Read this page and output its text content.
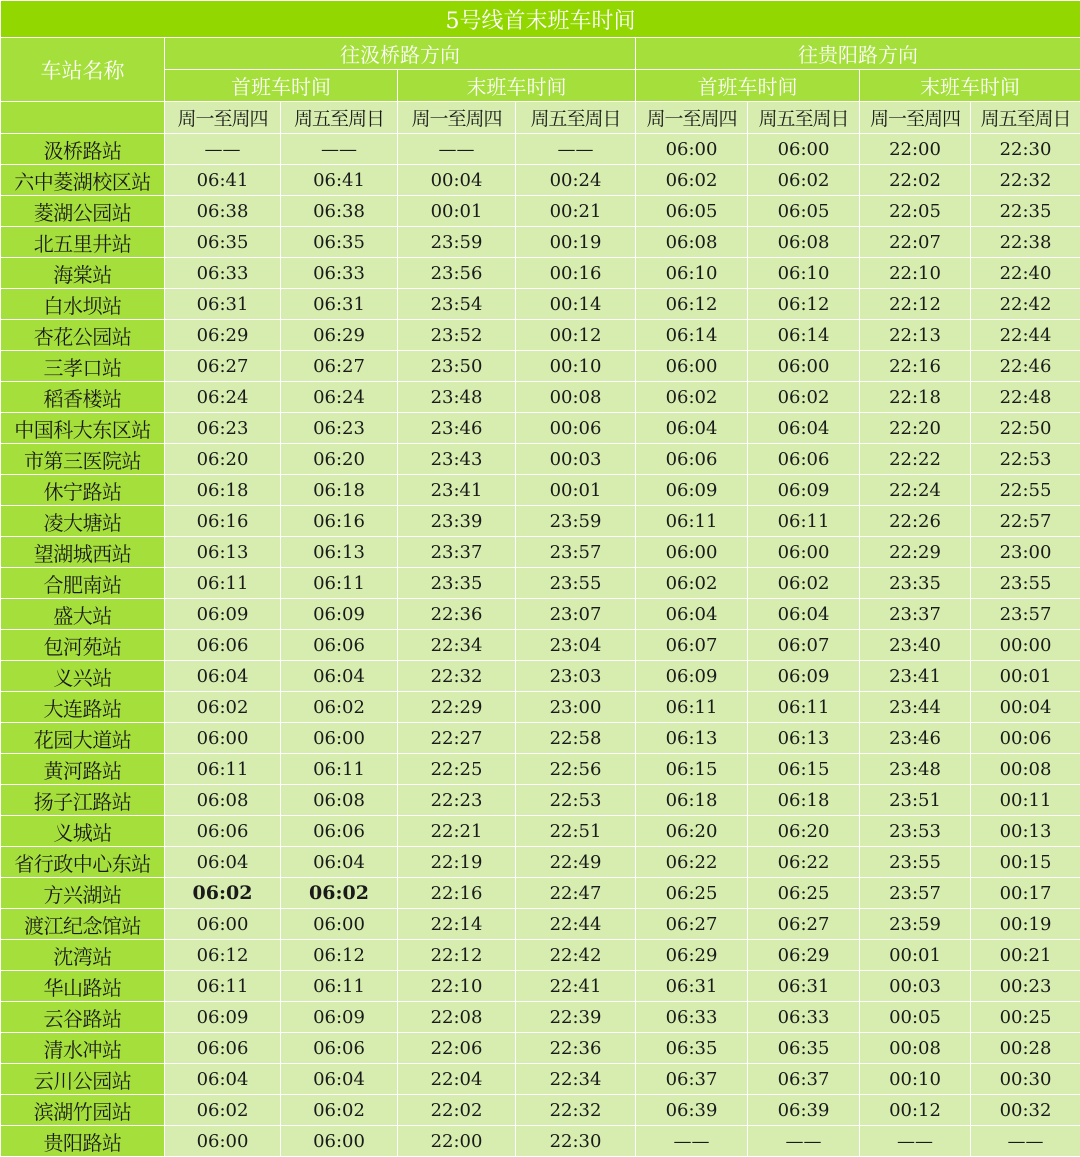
5号线首末班车时间								
车站名称	往汲桥路方向				往贵阳路方向			
	首班车时间		末班车时间		首班车时间		末班车时间	
	周一至周四	周五至周日	周一至周四	周五至周日	周一至周四	周五至周日	周一至周四	周五至周日
汲桥路站	——	——	——	——	06:00	06:00	22:00	22:30
六中菱湖校区站	06:41	06:41	00:04	00:24	06:02	06:02	22:02	22:32
菱湖公园站	06:38	06:38	00:01	00:21	06:05	06:05	22:05	22:35
北五里井站	06:35	06:35	23:59	00:19	06:08	06:08	22:07	22:38
海棠站	06:33	06:33	23:56	00:16	06:10	06:10	22:10	22:40
白水坝站	06:31	06:31	23:54	00:14	06:12	06:12	22:12	22:42
杏花公园站	06:29	06:29	23:52	00:12	06:14	06:14	22:13	22:44
三孝口站	06:27	06:27	23:50	00:10	06:00	06:00	22:16	22:46
稻香楼站	06:24	06:24	23:48	00:08	06:02	06:02	22:18	22:48
中国科大东区站	06:23	06:23	23:46	00:06	06:04	06:04	22:20	22:50
市第三医院站	06:20	06:20	23:43	00:03	06:06	06:06	22:22	22:53
休宁路站	06:18	06:18	23:41	00:01	06:09	06:09	22:24	22:55
凌大塘站	06:16	06:16	23:39	23:59	06:11	06:11	22:26	22:57
望湖城西站	06:13	06:13	23:37	23:57	06:00	06:00	22:29	23:00
合肥南站	06:11	06:11	23:35	23:55	06:02	06:02	23:35	23:55
盛大站	06:09	06:09	22:36	23:07	06:04	06:04	23:37	23:57
包河苑站	06:06	06:06	22:34	23:04	06:07	06:07	23:40	00:00
义兴站	06:04	06:04	22:32	23:03	06:09	06:09	23:41	00:01
大连路站	06:02	06:02	22:29	23:00	06:11	06:11	23:44	00:04
花园大道站	06:00	06:00	22:27	22:58	06:13	06:13	23:46	00:06
黄河路站	06:11	06:11	22:25	22:56	06:15	06:15	23:48	00:08
扬子江路站	06:08	06:08	22:23	22:53	06:18	06:18	23:51	00:11
义城站	06:06	06:06	22:21	22:51	06:20	06:20	23:53	00:13
省行政中心东站	06:04	06:04	22:19	22:49	06:22	06:22	23:55	00:15
方兴湖站	06:02	06:02	22:16	22:47	06:25	06:25	23:57	00:17
渡江纪念馆站	06:00	06:00	22:14	22:44	06:27	06:27	23:59	00:19
沈湾站	06:12	06:12	22:12	22:42	06:29	06:29	00:01	00:21
华山路站	06:11	06:11	22:10	22:41	06:31	06:31	00:03	00:23
云谷路站	06:09	06:09	22:08	22:39	06:33	06:33	00:05	00:25
清水冲站	06:06	06:06	22:06	22:36	06:35	06:35	00:08	00:28
云川公园站	06:04	06:04	22:04	22:34	06:37	06:37	00:10	00:30
滨湖竹园站	06:02	06:02	22:02	22:32	06:39	06:39	00:12	00:32
贵阳路站	06:00	06:00	22:00	22:30	——	——	——	——
